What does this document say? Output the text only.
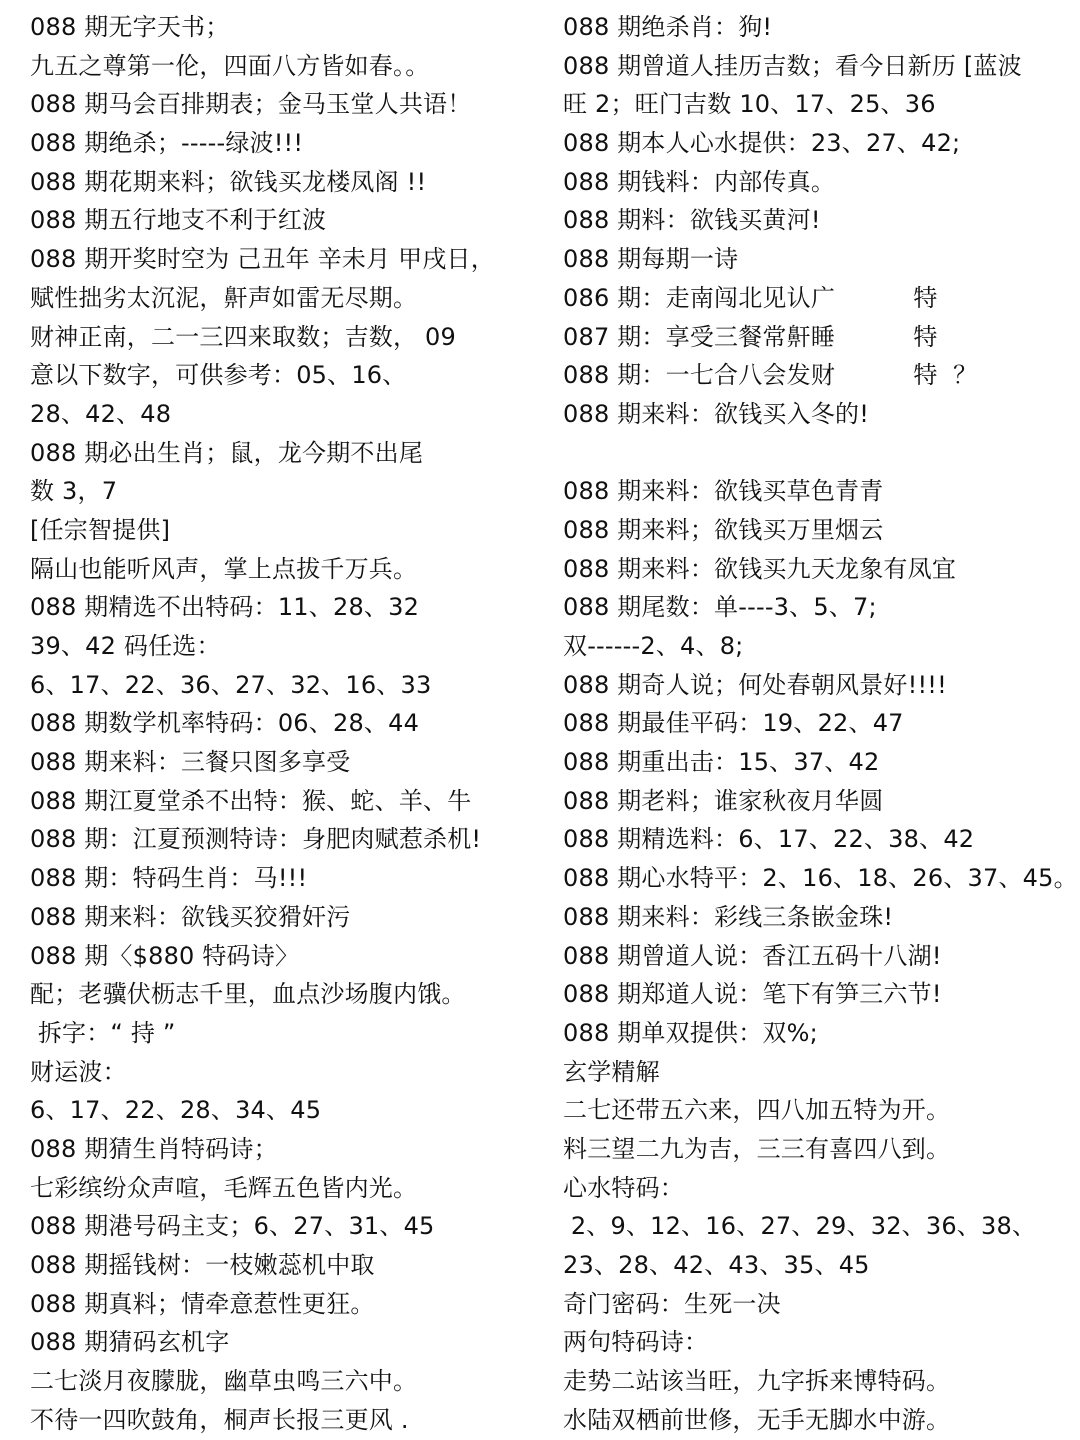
088 期无字天书；
九五之尊第一伦，四面八方皆如春。。
088 期马会百排期表；金马玉堂人共语！
088 期绝杀；-----绿波!!!
088 期花期来料；欲钱买龙楼凤阁 !!
088 期五行地支不利于红波
088 期开奖时空为 己丑年 辛未月 甲戌日，
赋性拙劣太沉泥，鼾声如雷无尽期。
财神正南，二一三四来取数；吉数， 09
意以下数字，可供参考：05、16、
28、42、48
088 期必出生肖；鼠，龙今期不出尾
数 3，7
[任宗智提供]
隔山也能听风声，掌上点拔千万兵。
088 期精选不出特码：11、28、32
39、42 码任选：
6、17、22、36、27、32、16、33
088 期数学机率特码：06、28、44
088 期来料：三餐只图多享受
088 期江夏堂杀不出特：猴、蛇、羊、牛
088 期：江夏预测特诗：身肥肉赋惹杀机!
088 期：特码生肖：马!!!
088 期来料：欲钱买狡猾奸污
088 期〈$880 特码诗〉
配；老骥伏枥志千里，血点沙场腹内饿。
拆字：“ 持 ”
财运波：
6、17、22、28、34、45
088 期猜生肖特码诗；
七彩缤纷众声喧，毛辉五色皆内光。
088 期港号码主支；6、27、31、45
088 期摇钱树：一枝嫩蕊机中取
088 期真料；情牵意惹性更狂。
088 期猜码玄机字
二七淡月夜朦胧，幽草虫鸣三六中。
不待一四吹鼓角，桐声长报三更风 .
088 期绝杀肖：狗!
088 期曾道人挂历吉数；看今日新历 [蓝波
旺 2；旺门吉数 10、17、25、36
088 期本人心水提供：23、27、42;
088 期钱料：内部传真。
088 期料：欲钱买黄河!
088 期每期一诗
086 期：走南闯北见认广          特
087 期：享受三餐常鼾睡          特
088 期：一七合八会发财          特  ？
088 期来料：欲钱买入冬的!
088 期来料：欲钱买草色青青
088 期来料；欲钱买万里烟云
088 期来料：欲钱买九天龙象有凤宜
088 期尾数：单----3、5、7;
双------2、4、8;
088 期奇人说；何处春朝风景好!!!!
088 期最佳平码：19、22、47
088 期重出击：15、37、42
088 期老料；谁家秋夜月华圆
088 期精选料：6、17、22、38、42
088 期心水特平：2、16、18、26、37、45。
088 期来料：彩线三条嵌金珠!
088 期曾道人说：香江五码十八湖!
088 期郑道人说：笔下有笋三六节!
088 期单双提供：双%;
玄学精解
二七还带五六来，四八加五特为开。
料三望二九为吉，三三有喜四八到。
心水特码：
2、9、12、16、27、29、32、36、38、
23、28、42、43、35、45
奇门密码：生死一决
两句特码诗：
走势二站该当旺，九字拆来博特码。
水陆双栖前世修，无手无脚水中游。
